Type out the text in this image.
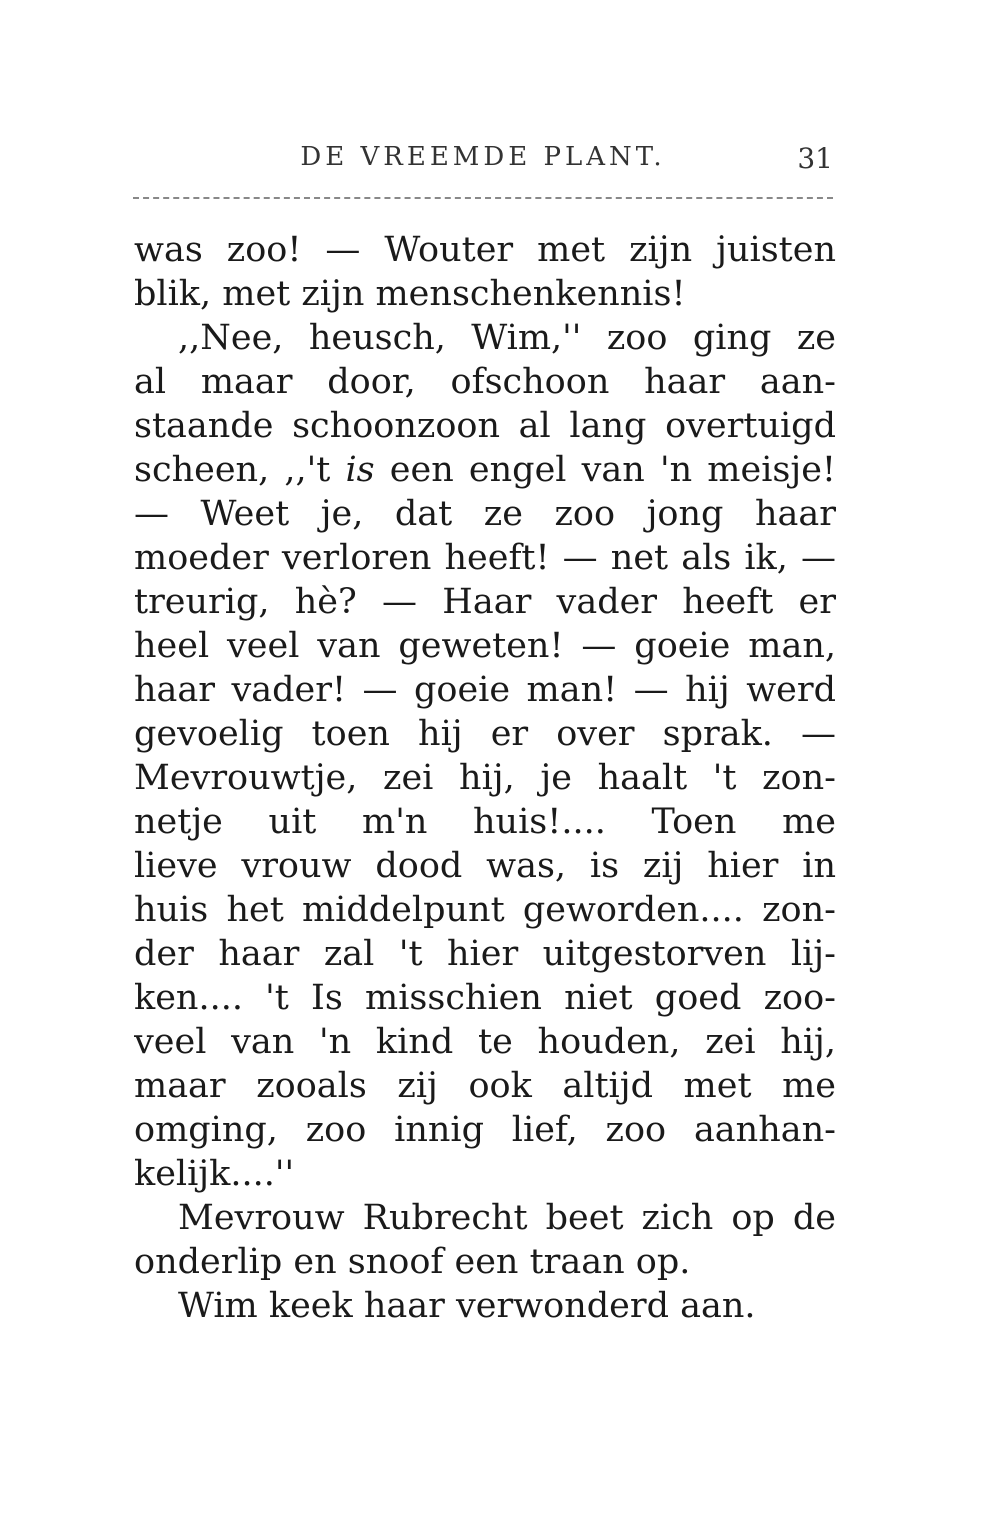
DE VREEMDE PLANT.	31
was zoo! — Wouter met zijn juisten
blik, met zijn menschenkennis!
,,Nee, heusch, Wim,'' zoo ging ze
al maar door, ofschoon haar aan-
staande schoonzoon al lang overtuigd
scheen, ,,'t is een engel van 'n meisje!
— Weet je, dat ze zoo jong haar
moeder verloren heeft! — net als ik, —
treurig, hè? — Haar vader heeft er
heel veel van geweten! — goeie man,
haar vader! — goeie man! — hij werd
gevoelig toen hij er over sprak. —
Mevrouwtje, zei hij, je haalt 't zon-
netje uit m'n huis!.... Toen me
lieve vrouw dood was, is zij hier in
huis het middelpunt geworden.... zon-
der haar zal 't hier uitgestorven lij-
ken.... 't Is misschien niet goed zoo-
veel van 'n kind te houden, zei hij,
maar zooals zij ook altijd met me
omging, zoo innig lief, zoo aanhan-
kelijk....''
Mevrouw Rubrecht beet zich op de
onderlip en snoof een traan op.
Wim keek haar verwonderd aan.
